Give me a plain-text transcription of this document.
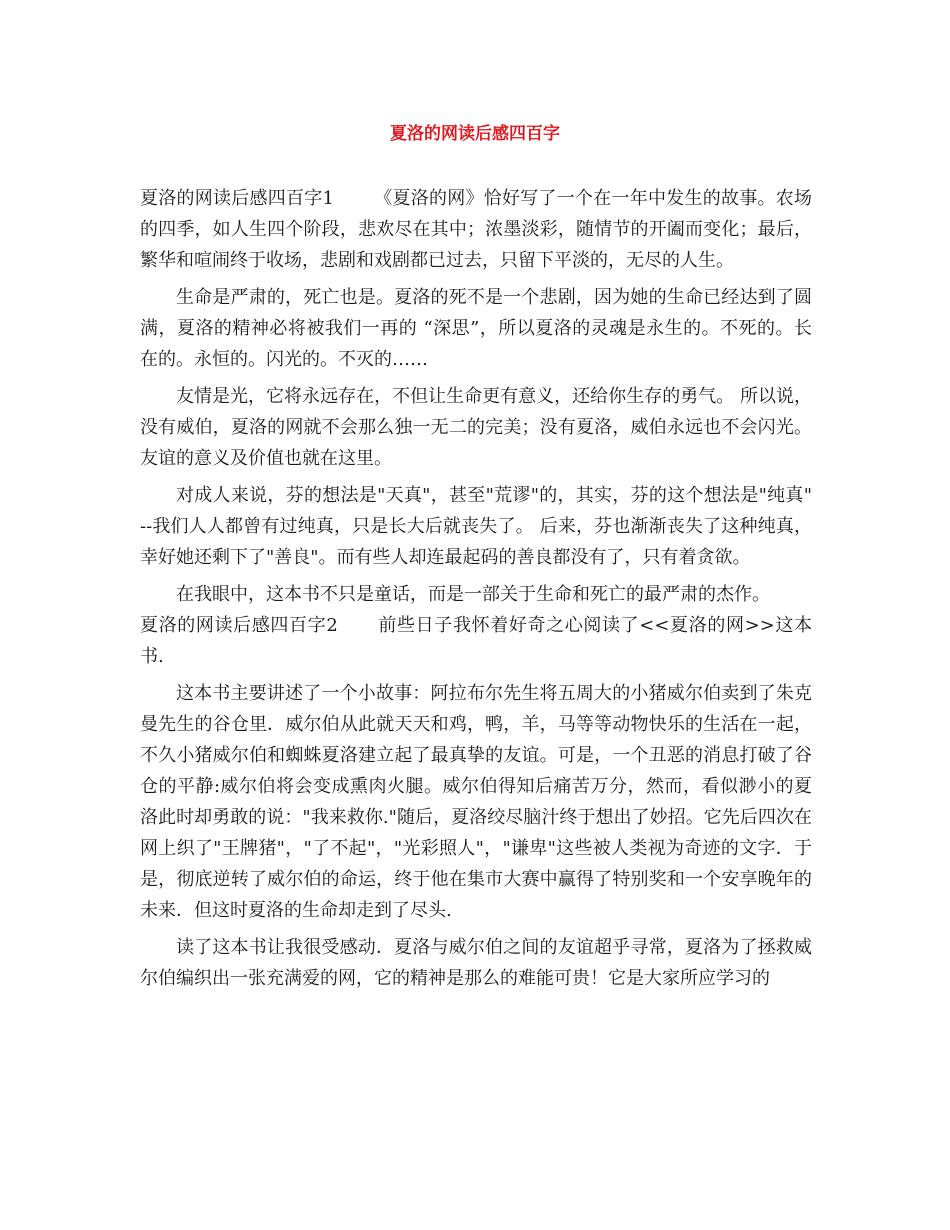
夏洛的网读后感四百字

夏洛的网读后感四百字1 《夏洛的网》恰好写了一个在一年中发生的故事。农场的四季，如人生四个阶段，悲欢尽在其中；浓墨淡彩，随情节的开阖而变化；最后，繁华和喧闹终于收场，悲剧和戏剧都已过去，只留下平淡的，无尽的人生。

生命是严肃的，死亡也是。夏洛的死不是一个悲剧，因为她的生命已经达到了圆满，夏洛的精神必将被我们一再的 “深思”，所以夏洛的灵魂是永生的。不死的。长在的。永恒的。闪光的。不灭的……

友情是光，它将永远存在，不但让生命更有意义，还给你生存的勇气。 所以说，没有威伯，夏洛的网就不会那么独一无二的完美；没有夏洛，威伯永远也不会闪光。友谊的意义及价值也就在这里。

对成人来说，芬的想法是"天真"，甚至"荒谬"的，其实，芬的这个想法是"纯真" --我们人人都曾有过纯真，只是长大后就丧失了。 后来，芬也渐渐丧失了这种纯真，幸好她还剩下了"善良"。而有些人却连最起码的善良都没有了，只有着贪欲。

在我眼中，这本书不只是童话，而是一部关于生命和死亡的最严肃的杰作。

夏洛的网读后感四百字2 前些日子我怀着好奇之心阅读了<<夏洛的网>>这本书.

这本书主要讲述了一个小故事：阿拉布尔先生将五周大的小猪威尔伯卖到了朱克曼先生的谷仓里．威尔伯从此就天天和鸡，鸭，羊，马等等动物快乐的生活在一起，不久小猪威尔伯和蜘蛛夏洛建立起了最真挚的友谊。可是，一个丑恶的消息打破了谷仓的平静:威尔伯将会变成熏肉火腿。威尔伯得知后痛苦万分，然而，看似渺小的夏洛此时却勇敢的说："我来救你."随后，夏洛绞尽脑汁终于想出了妙招。它先后四次在网上织了"王牌猪"，"了不起"，"光彩照人"，"谦卑"这些被人类视为奇迹的文字．于是，彻底逆转了威尔伯的命运，终于他在集市大赛中赢得了特别奖和一个安享晚年的未来．但这时夏洛的生命却走到了尽头.

读了这本书让我很受感动．夏洛与威尔伯之间的友谊超乎寻常，夏洛为了拯救威尔伯编织出一张充满爱的网，它的精神是那么的难能可贵！它是大家所应学习的
